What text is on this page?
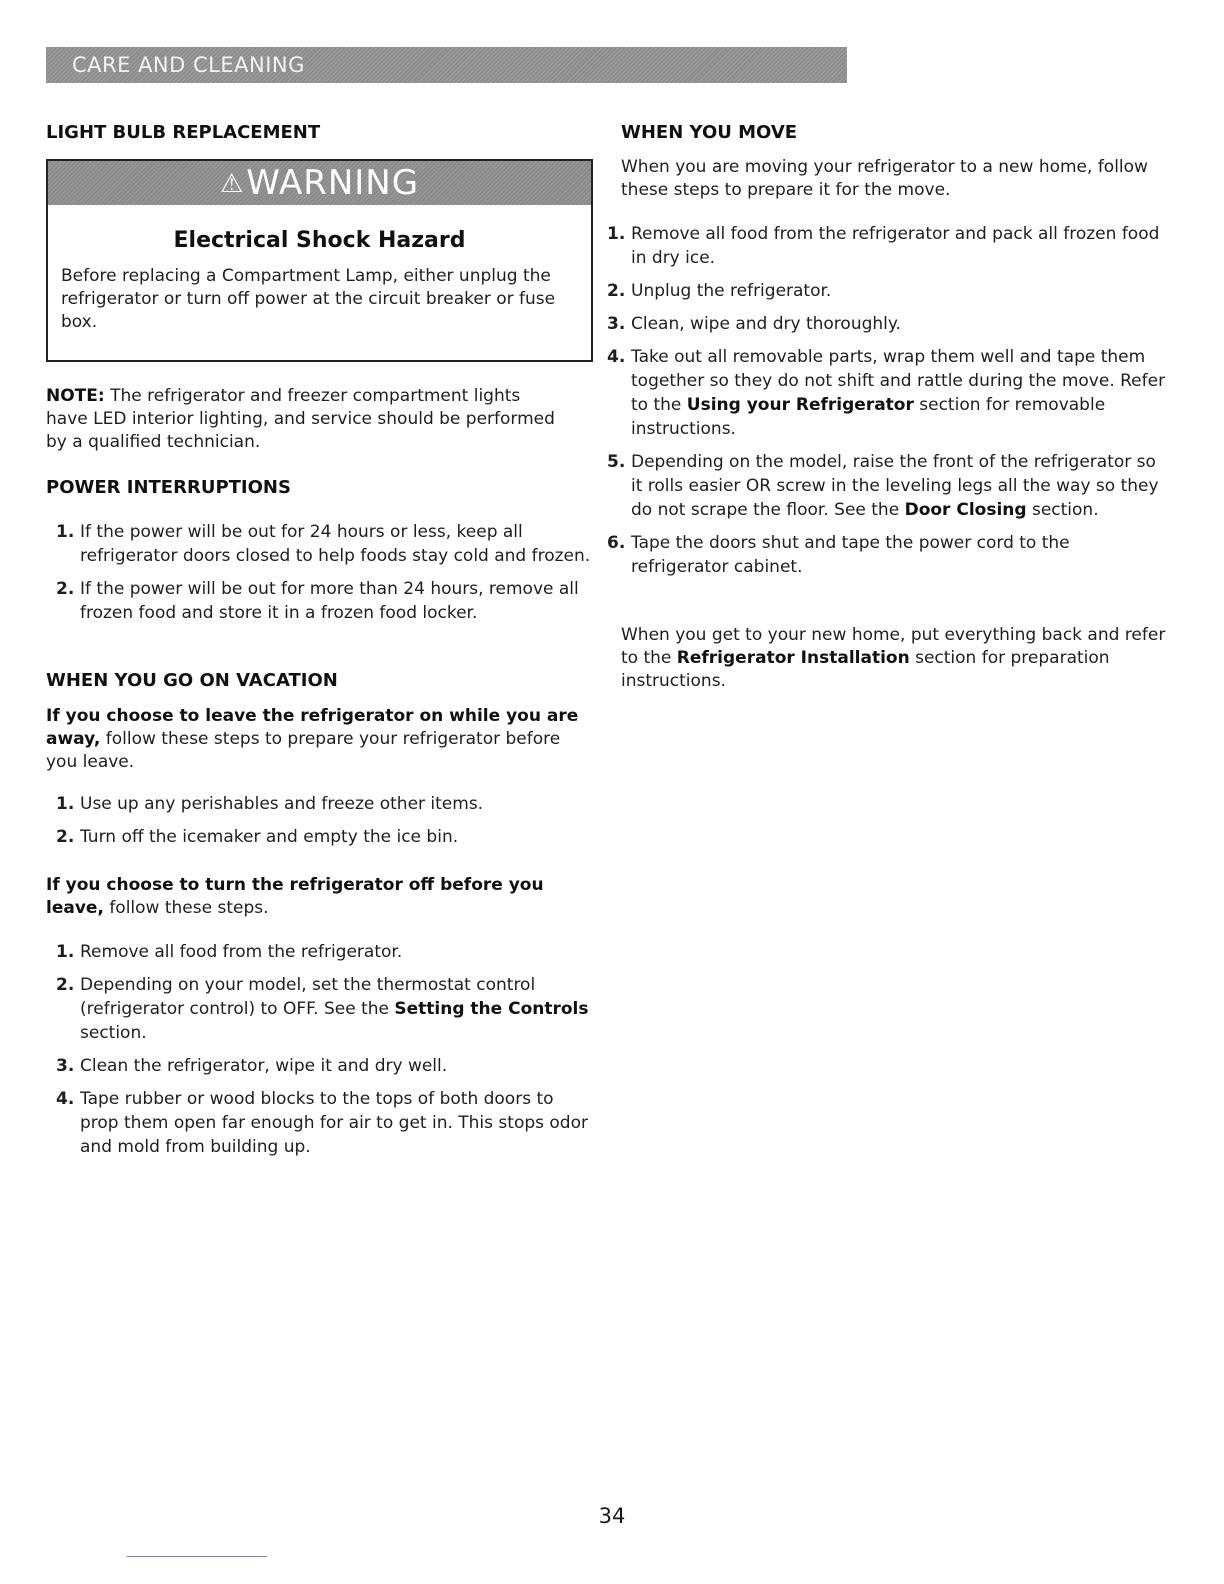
CARE AND CLEANING
LIGHT BULB REPLACEMENT
⚠WARNING
Electrical Shock Hazard

Before replacing a Compartment Lamp, either unplug the refrigerator or turn off power at the circuit breaker or fuse box.

NOTE: The refrigerator and freezer compartment lights have LED interior lighting, and service should be performed by a qualified technician.

POWER INTERRUPTIONS
1. If the power will be out for 24 hours or less, keep all refrigerator doors closed to help foods stay cold and frozen.
2. If the power will be out for more than 24 hours, remove all frozen food and store it in a frozen food locker.
WHEN YOU GO ON VACATION

If you choose to leave the refrigerator on while you are away, follow these steps to prepare your refrigerator before you leave.

1. Use up any perishables and freeze other items.
2. Turn off the icemaker and empty the ice bin.

If you choose to turn the refrigerator off before you leave, follow these steps.

1. Remove all food from the refrigerator.
2. Depending on your model, set the thermostat control (refrigerator control) to OFF. See the Setting the Controls section.
3. Clean the refrigerator, wipe it and dry well.
4. Tape rubber or wood blocks to the tops of both doors to prop them open far enough for air to get in. This stops odor and mold from building up.
WHEN YOU MOVE

When you are moving your refrigerator to a new home, follow these steps to prepare it for the move.

1. Remove all food from the refrigerator and pack all frozen food in dry ice.
2. Unplug the refrigerator.
3. Clean, wipe and dry thoroughly.
4. Take out all removable parts, wrap them well and tape them together so they do not shift and rattle during the move. Refer to the Using your Refrigerator section for removable instructions.
5. Depending on the model, raise the front of the refrigerator so it rolls easier OR screw in the leveling legs all the way so they do not scrape the floor. See the Door Closing section.
6. Tape the doors shut and tape the power cord to the refrigerator cabinet.

When you get to your new home, put everything back and refer to the Refrigerator Installation section for preparation instructions.

34
